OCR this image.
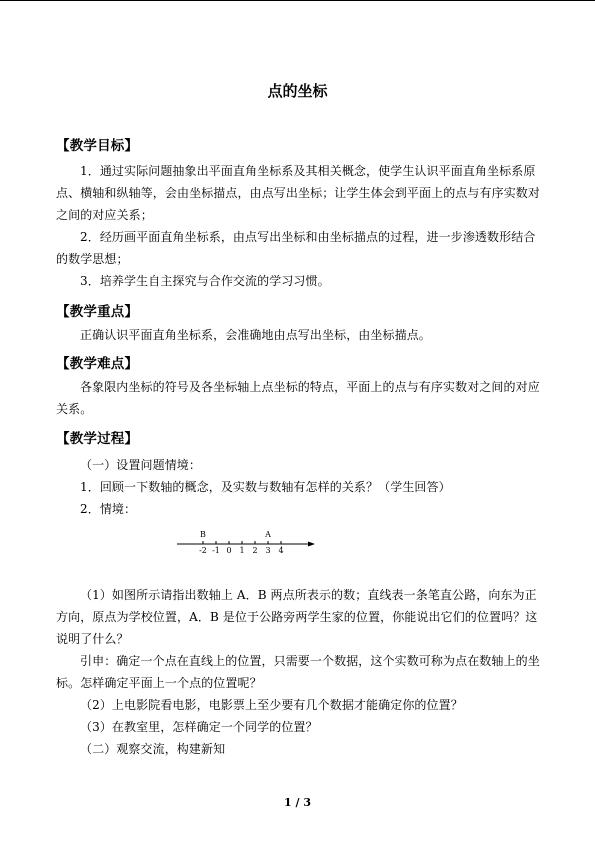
点的坐标
【教学目标】
1．通过实际问题抽象出平面直角坐标系及其相关概念，使学生认识平面直角坐标系原点、横轴和纵轴等，会由坐标描点，由点写出坐标；让学生体会到平面上的点与有序实数对之间的对应关系；
2．经历画平面直角坐标系，由点写出坐标和由坐标描点的过程，进一步渗透数形结合的数学思想；
3．培养学生自主探究与合作交流的学习习惯。
【教学重点】
正确认识平面直角坐标系，会准确地由点写出坐标，由坐标描点。
【教学难点】
各象限内坐标的符号及各坐标轴上点坐标的特点，平面上的点与有序实数对之间的对应关系。
【教学过程】
（一）设置问题情境：
1．回顾一下数轴的概念，及实数与数轴有怎样的关系？（学生回答）
2．情境：
-2 -1 0 1 2 3 4
B	A
（1）如图所示请指出数轴上 A．B 两点所表示的数；直线表一条笔直公路，向东为正方向，原点为学校位置，A．B 是位于公路旁两学生家的位置，你能说出它们的位置吗？这说明了什么？
引申：确定一个点在直线上的位置，只需要一个数据，这个实数可称为点在数轴上的坐标。怎样确定平面上一个点的位置呢？
（2）上电影院看电影，电影票上至少要有几个数据才能确定你的位置？
（3）在教室里，怎样确定一个同学的位置？
（二）观察交流，构建新知
1 / 3
